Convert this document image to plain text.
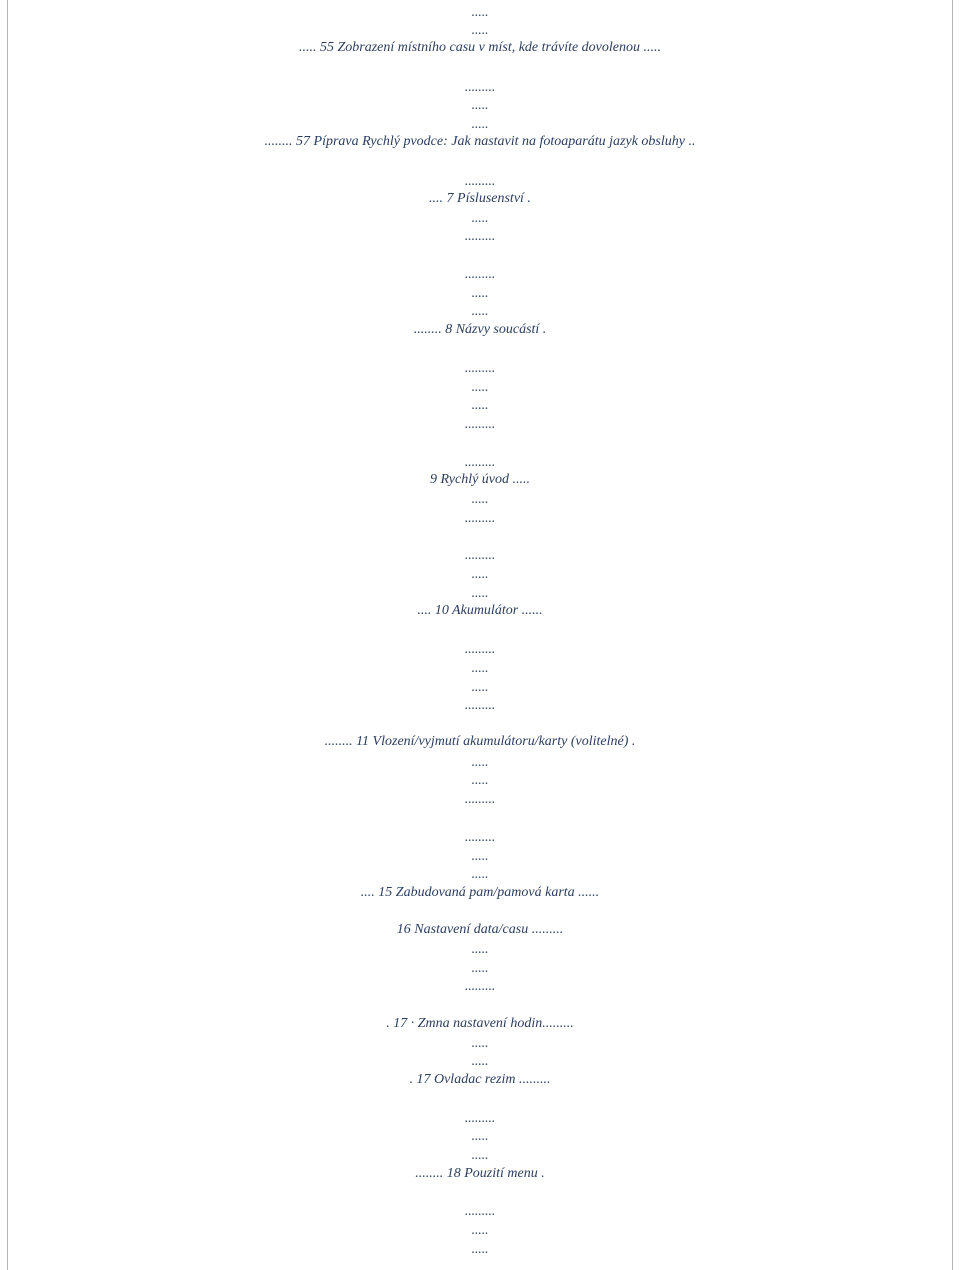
.....
.....
..... 55 Zobrazení místního casu v míst, kde trávíte dovolenou .....
.........
.....
.....
........ 57 Píprava Rychlý pvodce: Jak nastavit na fotoaparátu jazyk obsluhy ..
.........
.... 7 Píslusenství .
.....
.........
.........
.....
.....
........ 8 Názvy soucástí .
.........
.....
.....
.........
.........
9 Rychlý úvod .....
.....
.........
.........
.....
.....
.... 10 Akumulátor ......
.........
.....
.....
.........
........ 11 Vlození/vyjmutí akumulátoru/karty (volitelné) .
.....
.....
.........
.........
.....
.....
.... 15 Zabudovaná pam/pamová karta ......
16 Nastavení data/casu .........
.....
.....
.........
. 17 · Zmna nastavení hodin.........
.....
.....
. 17 Ovladac rezim .........
.........
.....
.....
........ 18 Pouzití menu .
.........
.....
.....
